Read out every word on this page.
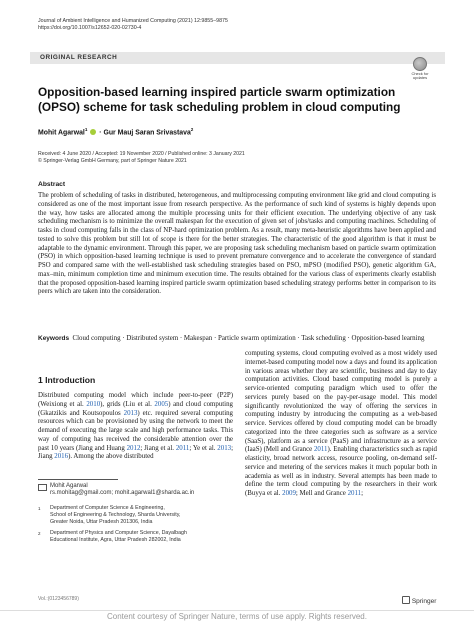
Journal of Ambient Intelligence and Humanized Computing (2021) 12:9855–9875
https://doi.org/10.1007/s12652-020-02730-4
ORIGINAL RESEARCH
Check for updates
Opposition-based learning inspired particle swarm optimization (OPSO) scheme for task scheduling problem in cloud computing
Mohit Agarwal$^1$  · Gur Mauj Saran Srivastava$^2$
Received: 4 June 2020 / Accepted: 19 November 2020 / Published online: 3 January 2021
© Springer-Verlag GmbH Germany, part of Springer Nature 2021
Abstract
The problem of scheduling of tasks in distributed, heterogeneous, and multiprocessing computing environment like grid and cloud computing is considered as one of the most important issue from research perspective. As the performance of such kind of systems is highly depends upon the way, how tasks are allocated among the multiple processing units for their efficient execution. The underlying objective of any task scheduling mechanism is to minimize the overall makespan for the execution of given set of jobs/tasks and computing machines. Scheduling of tasks in cloud computing falls in the class of NP-hard optimization problem. As a result, many meta-heuristic algorithms have been applied and tested to solve this problem but still lot of scope is there for the better strategies. The characteristic of the good algorithm is that it must be adaptable to the dynamic environment. Through this paper, we are proposing task scheduling mechanism based on particle swarm optimization (PSO) in which opposition-based learning technique is used to prevent premature convergence and to accelerate the convergence of standard PSO and compared same with the well-established task scheduling strategies based on PSO, mPSO (modified PSO), genetic algorithm GA, max–min, minimum completion time and minimum execution time. The results obtained for the various class of experiments clearly establish that the proposed opposition-based learning inspired particle swarm optimization based scheduling strategy performs better in comparison to its peers which are taken into the consideration.
Keywords Cloud computing · Distributed system · Makespan · Particle swarm optimization · Task scheduling · Opposition-based learning
1 Introduction
Distributed computing model which include peer-to-peer (P2P) (Weixiong et al. 2010), grids (Liu et al. 2005) and cloud computing (Gkatzikis and Koutsopoulos 2013) etc. required several computing resources which can be provisioned by using the network to meet the demand of executing the large scale and high performance tasks. This way of computing has received the considerable attention over the past 10 years (Jiang and Huang 2012; Jiang et al. 2011; Ye et al. 2013; Jiang 2016). Among the above distributed
computing systems, cloud computing evolved as a most widely used internet-based computing model now a days and found its application in various areas whether they are scientific, business and day to day computation activities. Cloud based computing model is purely a service-oriented computing paradigm which used to offer the services purely based on the pay-per-usage model. This model significantly revolutionized the way of offering the services in computing industry by introducing the computing as a web-based service. Services offered by cloud computing model can be broadly categorized into the three categories such as software as a service (SaaS), platform as a service (PaaS) and infrastructure as a service (IaaS) (Mell and Grance 2011). Enabling characteristics such as rapid elasticity, broad network access, resource pooling, on-demand self-service and metering of the services makes it much popular both in academia as well as in industry. Several attempts has been made to define the term cloud computing by the researchers in their work (Buyya et al. 2009; Mell and Grance 2011;
Mohit Agarwal
rs.mohitag@gmail.com; mohit.agarwal1@sharda.ac.in
1 Department of Computer Science & Engineering,
School of Engineering & Technology, Sharda University,
Greater Noida, Uttar Pradesh 201306, India
2 Department of Physics and Computer Science, Dayalbagh
Educational Institute, Agra, Uttar Pradesh 282002, India
Vol.:(0123456789)	Springer
Content courtesy of Springer Nature, terms of use apply. Rights reserved.
